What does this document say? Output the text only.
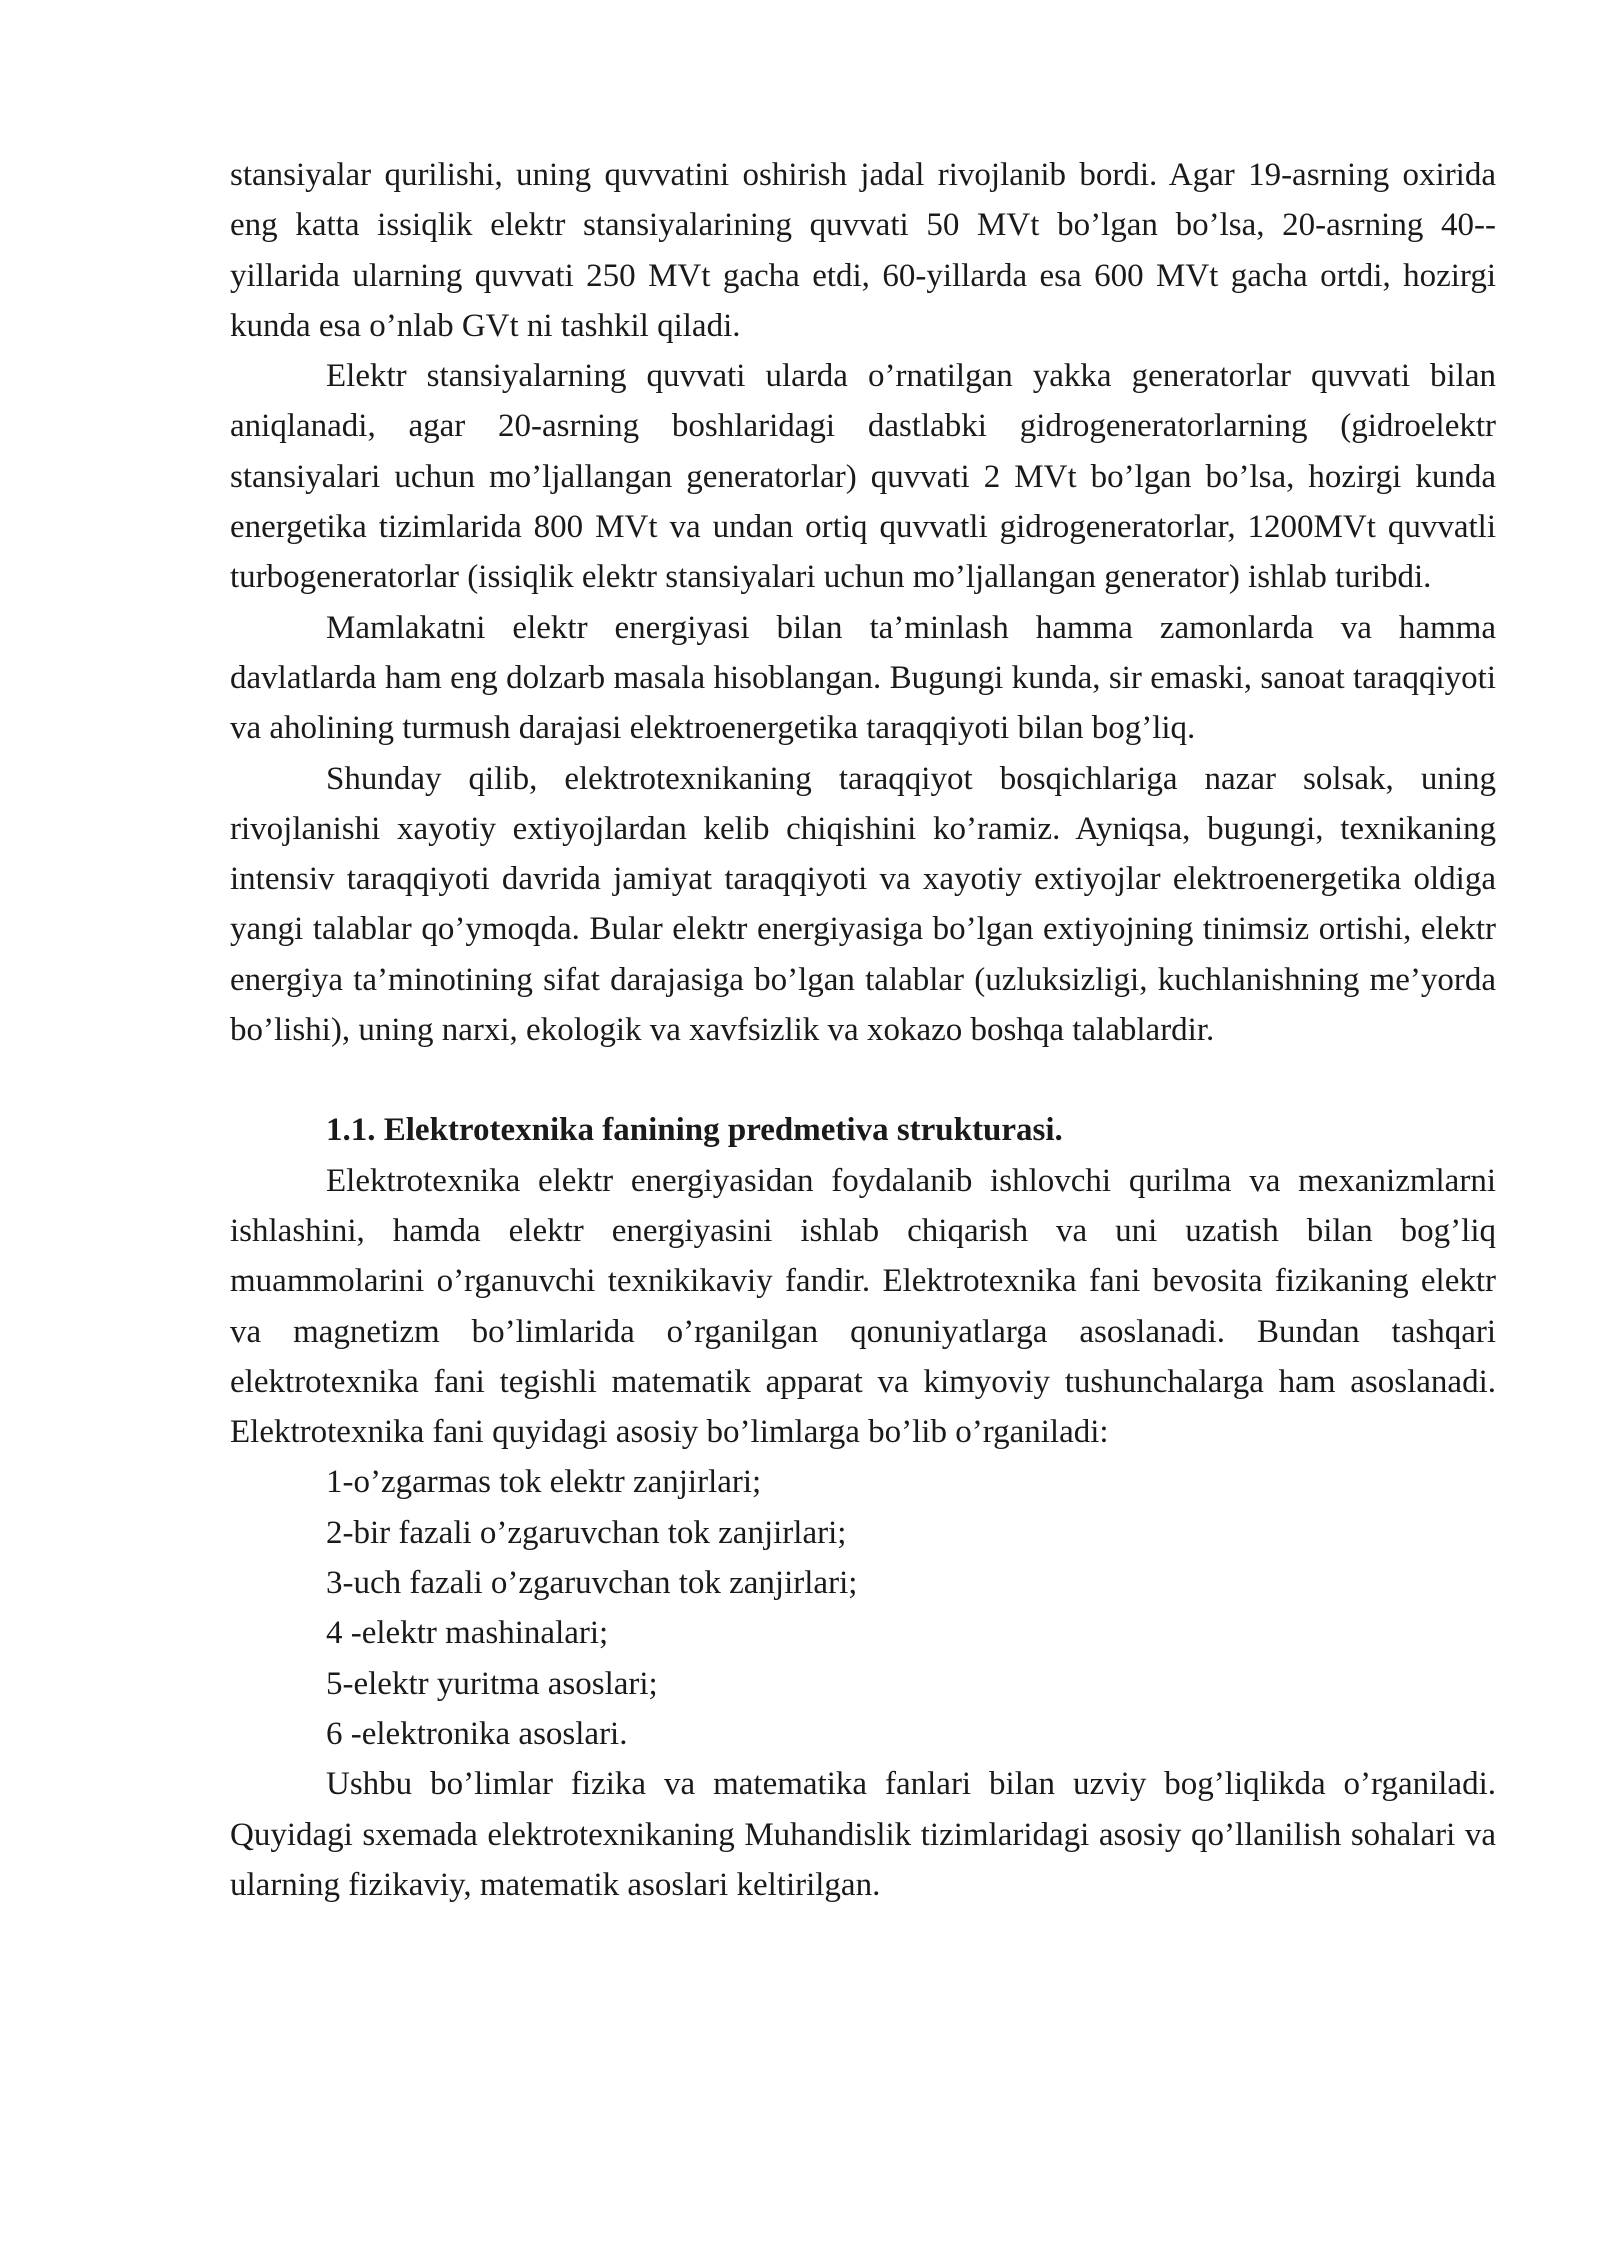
stansiyalar qurilishi, uning quvvatini oshirish jadal rivojlanib bordi. Agar 19-asrning oxirida eng katta issiqlik elektr stansiyalarining quvvati 50 MVt bo’lgan bo’lsa, 20-asrning 40--yillarida ularning quvvati 250 MVt gacha etdi, 60-yillarda esa 600 MVt gacha ortdi, hozirgi kunda esa o’nlab GVt ni tashkil qiladi.

Elektr stansiyalarning quvvati ularda o’rnatilgan yakka generatorlar quvvati bilan aniqlanadi, agar 20-asrning boshlaridagi dastlabki gidrogeneratorlarning (gidroelektr stansiyalari uchun mo’ljallangan generatorlar) quvvati 2 MVt bo’lgan bo’lsa, hozirgi kunda energetika tizimlarida 800 MVt va undan ortiq quvvatli gidrogeneratorlar, 1200MVt quvvatli turbogeneratorlar (issiqlik elektr stansiyalari uchun mo’ljallangan generator) ishlab turibdi.

Mamlakatni elektr energiyasi bilan ta’minlash hamma zamonlarda va hamma davlatlarda ham eng dolzarb masala hisoblangan. Bugungi kunda, sir emaski, sanoat taraqqiyoti va aholining turmush darajasi elektroenergetika taraqqiyoti bilan bog’liq.

Shunday qilib, elektrotexnikaning taraqqiyot bosqichlariga nazar solsak, uning rivojlanishi xayotiy extiyojlardan kelib chiqishini ko’ramiz. Ayniqsa, bugungi, texnikaning intensiv taraqqiyoti davrida jamiyat taraqqiyoti va xayotiy extiyojlar elektroenergetika oldiga yangi talablar qo’ymoqda. Bular elektr energiyasiga bo’lgan extiyojning tinimsiz ortishi, elektr energiya ta’minotining sifat darajasiga bo’lgan talablar (uzluksizligi, kuchlanishning me’yorda bo’lishi), uning narxi, ekologik va xavfsizlik va xokazo boshqa talablardir.

1.1. Elektrotexnika fanining predmetiva strukturasi.

Elektrotexnika elektr energiyasidan foydalanib ishlovchi qurilma va mexanizmlarni ishlashini, hamda elektr energiyasini ishlab chiqarish va uni uzatish bilan bog’liq muammolarini o’rganuvchi texnikikaviy fandir. Elektrotexnika fani bevosita fizikaning elektr va magnetizm bo’limlarida o’rganilgan qonuniyatlarga asoslanadi. Bundan tashqari elektrotexnika fani tegishli matematik apparat va kimyoviy tushunchalarga ham asoslanadi. Elektrotexnika fani quyidagi asosiy bo’limlarga bo’lib o’rganiladi:

1-o’zgarmas tok elektr zanjirlari;
2-bir fazali o’zgaruvchan tok zanjirlari;
3-uch fazali o’zgaruvchan tok zanjirlari;
4 -elektr mashinalari;
5-elektr yuritma asoslari;
6 -elektronika asoslari.

Ushbu bo’limlar fizika va matematika fanlari bilan uzviy bog’liqlikda o’rganiladi. Quyidagi sxemada elektrotexnikaning Muhandislik tizimlaridagi asosiy qo’llanilish sohalari va ularning fizikaviy, matematik asoslari keltirilgan.
